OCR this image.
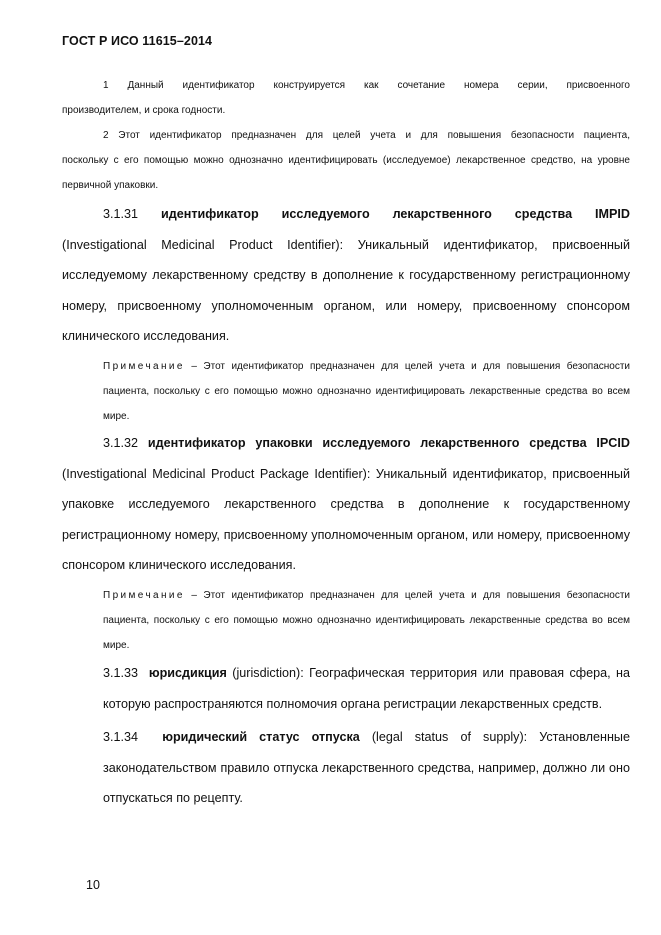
ГОСТ Р ИСО 11615–2014
1 Данный идентификатор конструируется как сочетание номера серии, присвоенного
производителем, и срока годности.
2 Этот идентификатор предназначен для целей учета и для повышения безопасности пациента,
поскольку с его помощью можно однозначно идентифицировать (исследуемое) лекарственное средство, на уровне первичной упаковки.
3.1.31 идентификатор исследуемого лекарственного средства IMPID
(Investigational Medicinal Product Identifier): Уникальный идентификатор, присвоенный исследуемому лекарственному средству в дополнение к государственному регистрационному номеру, присвоенному уполномоченным органом, или номеру, присвоенному спонсором клинического исследования.
Примечание – Этот идентификатор предназначен для целей учета и для повышения безопасности пациента, поскольку с его помощью можно однозначно идентифицировать лекарственные средства во всем мире.
3.1.32 идентификатор упаковки исследуемого лекарственного средства IPCID
(Investigational Medicinal Product Package Identifier): Уникальный идентификатор, присвоенный упаковке исследуемого лекарственного средства в дополнение к государственному регистрационному номеру, присвоенному уполномоченным органом, или номеру, присвоенному спонсором клинического исследования.
Примечание – Этот идентификатор предназначен для целей учета и для повышения безопасности пациента, поскольку с его помощью можно однозначно идентифицировать лекарственные средства во всем мире.
3.1.33 юрисдикция (jurisdiction): Географическая территория или правовая сфера, на которую распространяются полномочия органа регистрации лекарственных средств.
3.1.34 юридический статус отпуска (legal status of supply): Установленные законодательством правило отпуска лекарственного средства, например, должно ли оно отпускаться по рецепту.
10
